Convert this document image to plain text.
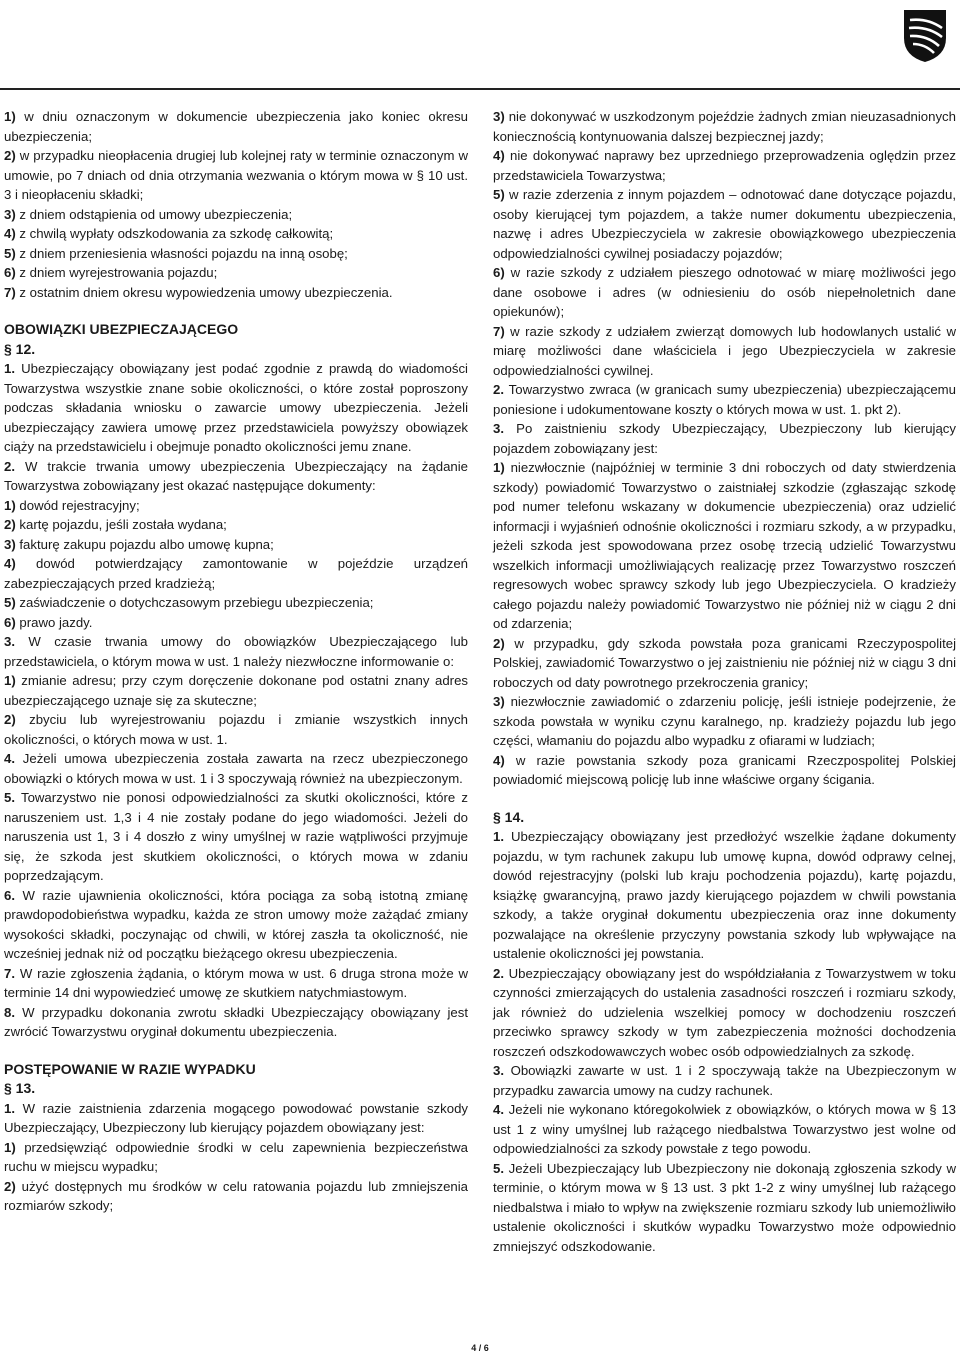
1) w dniu oznaczonym w dokumencie ubezpieczenia jako koniec okresu ubezpieczenia;

2) w przypadku nieopłacenia drugiej lub kolejnej raty w terminie oznaczonym w umowie, po 7 dniach od dnia otrzymania wezwania o którym mowa w § 10 ust. 3 i nieopłaceniu składki;

3) z dniem odstąpienia od umowy ubezpieczenia;

4) z chwilą wypłaty odszkodowania za szkodę całkowitą;

5) z dniem przeniesienia własności pojazdu na inną osobę;

6) z dniem wyrejestrowania pojazdu;

7) z ostatnim dniem okresu wypowiedzenia umowy ubezpieczenia.

OBOWIĄZKI UBEZPIECZAJĄCEGO

§ 12.

1. Ubezpieczający obowiązany jest podać zgodnie z prawdą do wiadomości Towarzystwa wszystkie znane sobie okoliczności, o które został poproszony podczas składania wniosku o zawarcie umowy ubezpieczenia. Jeżeli ubezpieczający zawiera umowę przez przedstawiciela powyższy obowiązek ciąży na przedstawicielu i obejmuje ponadto okoliczności jemu znane.

2. W trakcie trwania umowy ubezpieczenia Ubezpieczający na żądanie Towarzystwa zobowiązany jest okazać następujące dokumenty:

1) dowód rejestracyjny;

2) kartę pojazdu, jeśli została wydana;

3) fakturę zakupu pojazdu albo umowę kupna;

4) dowód potwierdzający zamontowanie w pojeździe urządzeń zabezpieczających przed kradzieżą;

5) zaświadczenie o dotychczasowym przebiegu ubezpieczenia;

6) prawo jazdy.

3. W czasie trwania umowy do obowiązków Ubezpieczającego lub przedstawiciela, o którym mowa w ust. 1 należy niezwłoczne informowanie o:

1) zmianie adresu; przy czym doręczenie dokonane pod ostatni znany adres ubezpieczającego uznaje się za skuteczne;

2) zbyciu lub wyrejestrowaniu pojazdu i zmianie wszystkich innych okoliczności, o których mowa w ust. 1.

4. Jeżeli umowa ubezpieczenia została zawarta na rzecz ubezpieczonego obowiązki o których mowa w ust. 1 i 3 spoczywają również na ubezpieczonym.

5. Towarzystwo nie ponosi odpowiedzialności za skutki okoliczności, które z naruszeniem ust. 1,3 i 4 nie zostały podane do jego wiadomości. Jeżeli do naruszenia ust 1, 3 i 4 doszło z winy umyślnej w razie wątpliwości przyjmuje się, że szkoda jest skutkiem okoliczności, o których mowa w zdaniu poprzedzającym.

6. W razie ujawnienia okoliczności, która pociąga za sobą istotną zmianę prawdopodobieństwa wypadku, każda ze stron umowy może zażądać zmiany wysokości składki, poczynając od chwili, w której zaszła ta okoliczność, nie wcześniej jednak niż od początku bieżącego okresu ubezpieczenia.

7. W razie zgłoszenia żądania, o którym mowa w ust. 6 druga strona może w terminie 14 dni wypowiedzieć umowę ze skutkiem natychmiastowym.

8. W przypadku dokonania zwrotu składki Ubezpieczający obowiązany jest zwrócić Towarzystwu oryginał dokumentu ubezpieczenia.

POSTĘPOWANIE W RAZIE WYPADKU

§ 13.

1. W razie zaistnienia zdarzenia mogącego powodować powstanie szkody Ubezpieczający, Ubezpieczony lub kierujący pojazdem obowiązany jest:

1) przedsięwziąć odpowiednie środki w celu zapewnienia bezpieczeństwa ruchu w miejscu wypadku;

2) użyć dostępnych mu środków w celu ratowania pojazdu lub zmniejszenia rozmiarów szkody;

3) nie dokonywać w uszkodzonym pojeździe żadnych zmian nieuzasadnionych koniecznością kontynuowania dalszej bezpiecznej jazdy;

4) nie dokonywać naprawy bez uprzedniego przeprowadzenia oględzin przez przedstawiciela Towarzystwa;

5) w razie zderzenia z innym pojazdem – odnotować dane dotyczące pojazdu, osoby kierującej tym pojazdem, a także numer dokumentu ubezpieczenia, nazwę i adres Ubezpieczyciela w zakresie obowiązkowego ubezpieczenia odpowiedzialności cywilnej posiadaczy pojazdów;

6) w razie szkody z udziałem pieszego odnotować w miarę możliwości jego dane osobowe i adres (w odniesieniu do osób niepełnoletnich dane opiekunów);

7) w razie szkody z udziałem zwierząt domowych lub hodowlanych ustalić w miarę możliwości dane właściciela i jego Ubezpieczyciela w zakresie odpowiedzialności cywilnej.

2. Towarzystwo zwraca (w granicach sumy ubezpieczenia) ubezpieczającemu poniesione i udokumentowane koszty o których mowa w ust. 1. pkt 2).

3. Po zaistnieniu szkody Ubezpieczający, Ubezpieczony lub kierujący pojazdem zobowiązany jest:

1) niezwłocznie (najpóźniej w terminie 3 dni roboczych od daty stwierdzenia szkody) powiadomić Towarzystwo o zaistniałej szkodzie (zgłaszając szkodę pod numer telefonu wskazany w dokumencie ubezpieczenia) oraz udzielić informacji i wyjaśnień odnośnie okoliczności i rozmiaru szkody, a w przypadku, jeżeli szkoda jest spowodowana przez osobę trzecią udzielić Towarzystwu wszelkich informacji umożliwiających realizację przez Towarzystwo roszczeń regresowych wobec sprawcy szkody lub jego Ubezpieczyciela. O kradzieży całego pojazdu należy powiadomić Towarzystwo nie później niż w ciągu 2 dni od zdarzenia;

2) w przypadku, gdy szkoda powstała poza granicami Rzeczypospolitej Polskiej, zawiadomić Towarzystwo o jej zaistnieniu nie później niż w ciągu 3 dni roboczych od daty powrotnego przekroczenia granicy;

3) niezwłocznie zawiadomić o zdarzeniu policję, jeśli istnieje podejrzenie, że szkoda powstała w wyniku czynu karalnego, np. kradzieży pojazdu lub jego części, włamaniu do pojazdu albo wypadku z ofiarami w ludziach;

4) w razie powstania szkody poza granicami Rzeczpospolitej Polskiej powiadomić miejscową policję lub inne właściwe organy ścigania.

§ 14.

1. Ubezpieczający obowiązany jest przedłożyć wszelkie żądane dokumenty pojazdu, w tym rachunek zakupu lub umowę kupna, dowód odprawy celnej, dowód rejestracyjny (polski lub kraju pochodzenia pojazdu), kartę pojazdu, książkę gwarancyjną, prawo jazdy kierującego pojazdem w chwili powstania szkody, a także oryginał dokumentu ubezpieczenia oraz inne dokumenty pozwalające na określenie przyczyny powstania szkody lub wpływające na ustalenie okoliczności jej powstania.

2. Ubezpieczający obowiązany jest do współdziałania z Towarzystwem w toku czynności zmierzających do ustalenia zasadności roszczeń i rozmiaru szkody, jak również do udzielenia wszelkiej pomocy w dochodzeniu roszczeń przeciwko sprawcy szkody w tym zabezpieczenia możności dochodzenia roszczeń odszkodowawczych wobec osób odpowiedzialnych za szkodę.

3. Obowiązki zawarte w ust. 1 i 2 spoczywają także na Ubezpieczonym w przypadku zawarcia umowy na cudzy rachunek.

4. Jeżeli nie wykonano któregokolwiek z obowiązków, o których mowa w § 13 ust 1 z winy umyślnej lub rażącego niedbalstwa Towarzystwo jest wolne od odpowiedzialności za szkody powstałe z tego powodu.

5. Jeżeli Ubezpieczający lub Ubezpieczony nie dokonają zgłoszenia szkody w terminie, o którym mowa w § 13 ust. 3 pkt 1-2 z winy umyślnej lub rażącego niedbalstwa i miało to wpływ na zwiększenie rozmiaru szkody lub uniemożliwiło ustalenie okoliczności i skutków wypadku Towarzystwo może odpowiednio zmniejszyć odszkodowanie.

4 / 6
